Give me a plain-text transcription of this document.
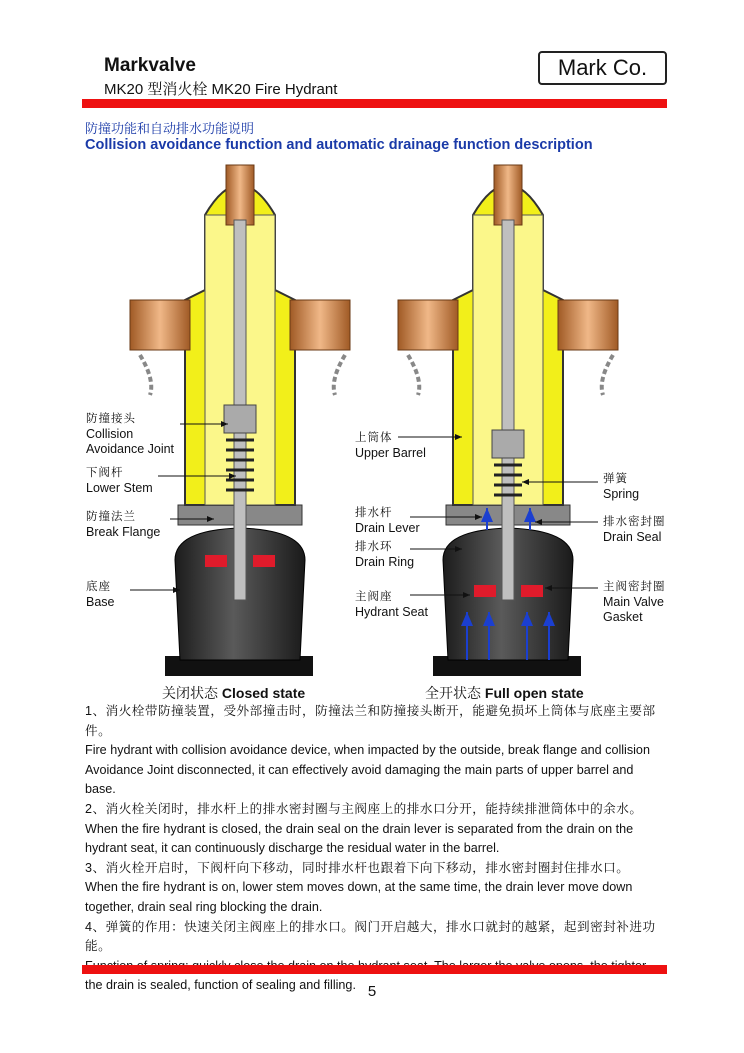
Markvalve
MK20 型消火栓 MK20 Fire Hydrant
Mark Co.
防撞功能和自动排水功能说明
Collision avoidance function and automatic drainage function description
防撞接头
Collision Avoidance Joint
下阀杆
Lower Stem
防撞法兰
Break Flange
底座
Base
上筒体
Upper Barrel
排水杆
Drain Lever
排水环
Drain Ring
主阀座
Hydrant Seat
弹簧
Spring
排水密封圈
Drain Seal
主阀密封圈
Main Valve Gasket
关闭状态 Closed state	全开状态 Full open state

1、消火栓带防撞装置，受外部撞击时，防撞法兰和防撞接头断开，能避免损坏上筒体与底座主要部件。

Fire hydrant with collision avoidance device, when impacted by the outside, break flange and collision Avoidance Joint disconnected, it can effectively avoid damaging the main parts of upper barrel and base.

2、消火栓关闭时，排水杆上的排水密封圈与主阀座上的排水口分开，能持续排泄筒体中的余水。

When the fire hydrant is closed, the drain seal on the drain lever is separated from the drain on the hydrant seat, it can continuously discharge the residual water in the barrel.

3、消火栓开启时，下阀杆向下移动，同时排水杆也跟着下向下移动，排水密封圈封住排水口。

When the fire hydrant is on, lower stem moves down, at the same time, the drain lever move down together, drain seal ring blocking the drain.

4、弹簧的作用：快速关闭主阀座上的排水口。阀门开启越大，排水口就封的越紧，起到密封补进功能。

the drain is sealed, function of sealing and filling. 5
